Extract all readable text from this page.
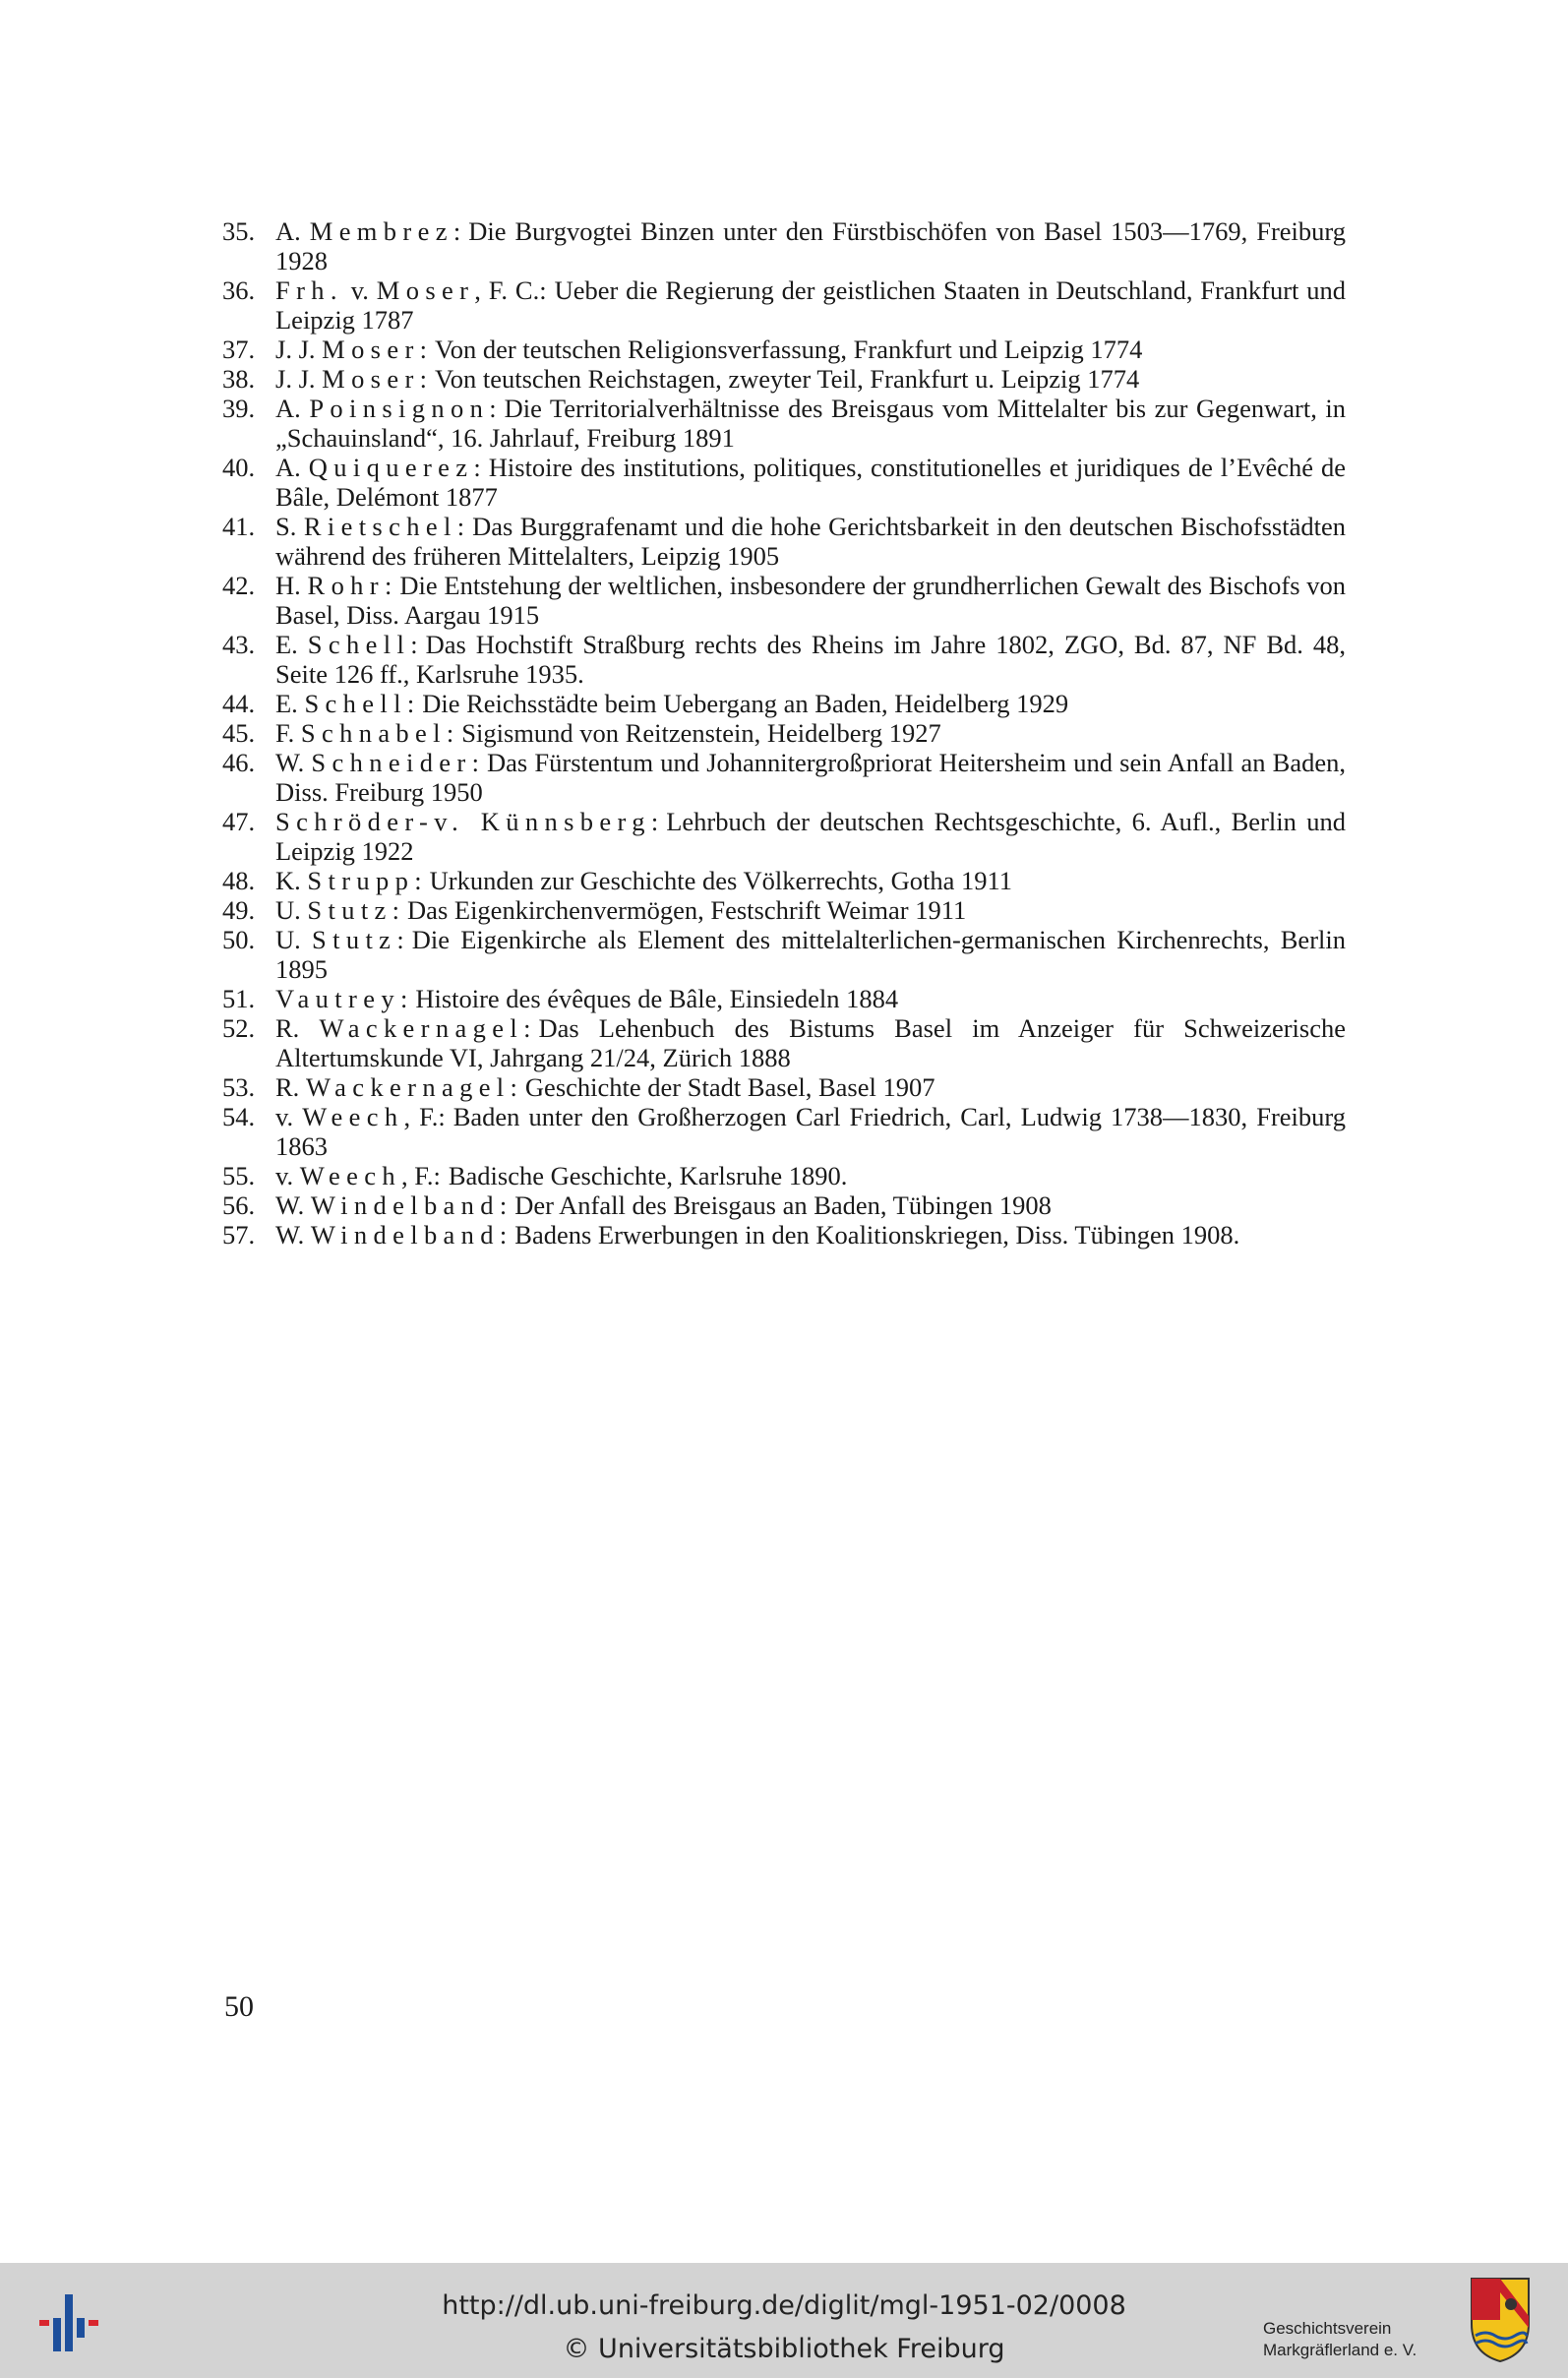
35. A. Membrez: Die Burgvogtei Binzen unter den Fürstbischöfen von Basel 1503—1769, Freiburg 1928
36. Frh. v. Moser, F. C.: Ueber die Regierung der geistlichen Staaten in Deutschland, Frankfurt und Leipzig 1787
37. J. J. Moser: Von der teutschen Religionsverfassung, Frankfurt und Leipzig 1774
38. J. J. Moser: Von teutschen Reichstagen, zweyter Teil, Frankfurt u. Leipzig 1774
39. A. Poinsignon: Die Territorialverhältnisse des Breisgaus vom Mittelalter bis zur Gegenwart, in „Schauinsland“, 16. Jahrlauf, Freiburg 1891
40. A. Quiquerez: Histoire des institutions, politiques, constitutionelles et juridiques de l’Evêché de Bâle, Delémont 1877
41. S. Rietschel: Das Burggrafenamt und die hohe Gerichtsbarkeit in den deutschen Bischofsstädten während des früheren Mittelalters, Leipzig 1905
42. H. Rohr: Die Entstehung der weltlichen, insbesondere der grundherrlichen Gewalt des Bischofs von Basel, Diss. Aargau 1915
43. E. Schell: Das Hochstift Straßburg rechts des Rheins im Jahre 1802, ZGO, Bd. 87, NF Bd. 48, Seite 126 ff., Karlsruhe 1935.
44. E. Schell: Die Reichsstädte beim Uebergang an Baden, Heidelberg 1929
45. F. Schnabel: Sigismund von Reitzenstein, Heidelberg 1927
46. W. Schneider: Das Fürstentum und Johannitergroßpriorat Heitersheim und sein Anfall an Baden, Diss. Freiburg 1950
47. Schröder-v. Künnsberg: Lehrbuch der deutschen Rechtsgeschichte, 6. Aufl., Berlin und Leipzig 1922
48. K. Strupp: Urkunden zur Geschichte des Völkerrechts, Gotha 1911
49. U. Stutz: Das Eigenkirchenvermögen, Festschrift Weimar 1911
50. U. Stutz: Die Eigenkirche als Element des mittelalterlichen-germanischen Kirchenrechts, Berlin 1895
51. Vautrey: Histoire des évêques de Bâle, Einsiedeln 1884
52. R. Wackernagel: Das Lehenbuch des Bistums Basel im Anzeiger für Schweizerische Altertumskunde VI, Jahrgang 21/24, Zürich 1888
53. R. Wackernagel: Geschichte der Stadt Basel, Basel 1907
54. v. Weech, F.: Baden unter den Großherzogen Carl Friedrich, Carl, Ludwig 1738—1830, Freiburg 1863
55. v. Weech, F.: Badische Geschichte, Karlsruhe 1890.
56. W. Windelband: Der Anfall des Breisgaus an Baden, Tübingen 1908
57. W. Windelband: Badens Erwerbungen in den Koalitionskriegen, Diss. Tübingen 1908.
50
http://dl.ub.uni-freiburg.de/diglit/mgl-1951-02/0008
© Universitätsbibliothek Freiburg
Geschichtsverein
Markgräflerland e. V.
